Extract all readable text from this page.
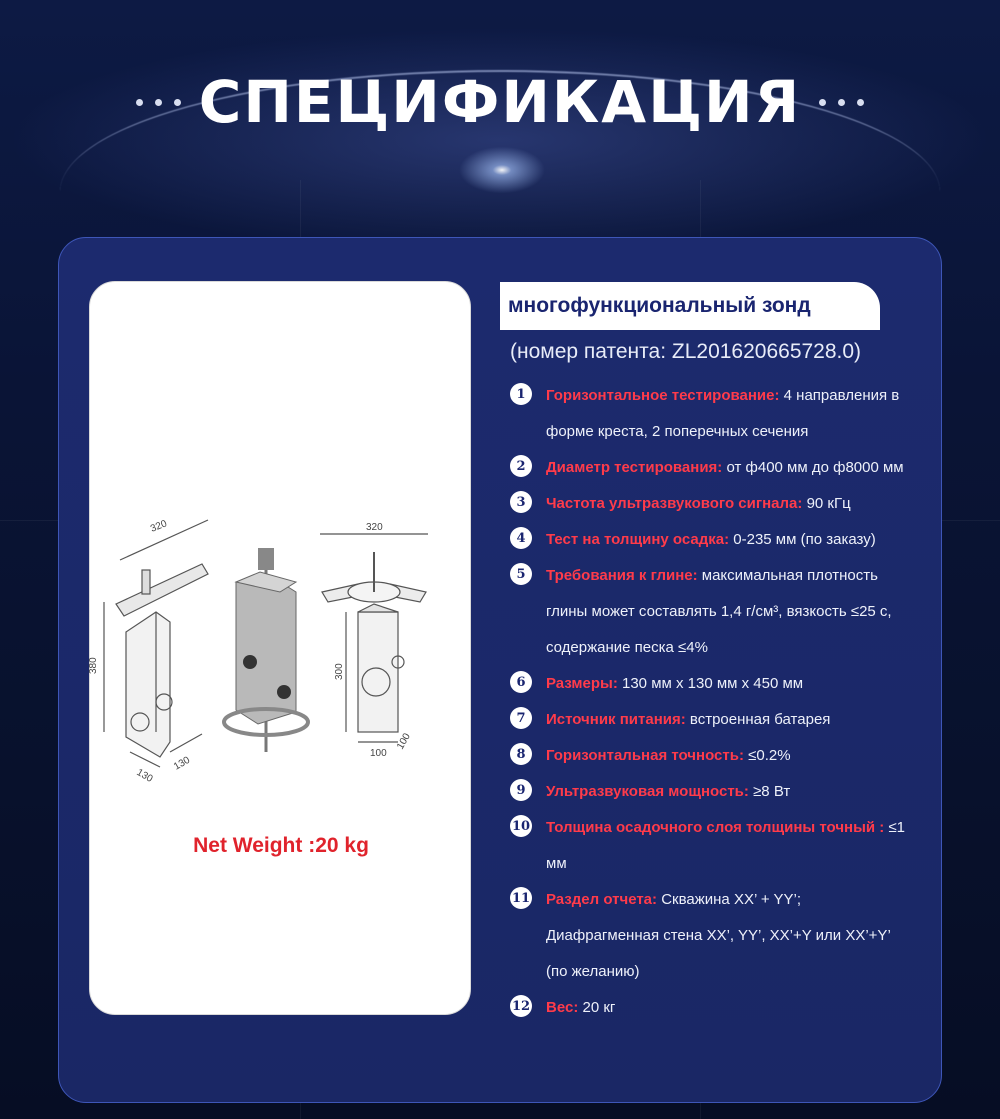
СПЕЦИФИКАЦИЯ
320
380
130
130
320
300
100
100
Net Weight :20 kg
многофункциональный зонд
(номер патента: ZL201620665728.0)
1	Горизонтальное тестирование: 4 направления в форме креста, 2 поперечных сечения
2	Диаметр тестирования: от ф400 мм до ф8000 мм
3	Частота ультразвукового сигнала: 90 кГц
4	Тест на толщину осадка: 0-235 мм (по заказу)
5	Требования к глине: максимальная плотность глины может составлять 1,4 г/см³, вязкость ≤25 с, содержание песка ≤4%
6	Размеры: 130 мм х 130 мм х 450 мм
7	Источник питания: встроенная батарея
8	Горизонтальная точность: ≤0.2%
9	Ультразвуковая мощность: ≥8 Вт
10 Толщина осадочного слоя толщины точный : ≤1 мм
11 Раздел отчета: Скважина XX’ + YY’; Диафрагменная стена XX’, YY’, XX’+Y или XX’+Y’ (по желанию)
12 Вес: 20 кг
